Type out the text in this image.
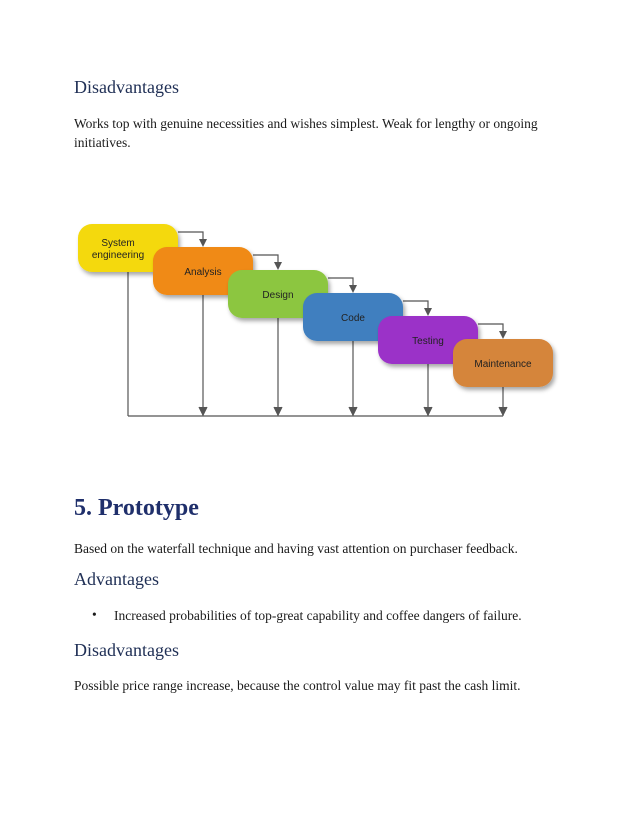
Disadvantages

Works top with genuine necessities and wishes simplest. Weak for lengthy or ongoing initiatives.

System
engineering
Analysis
Design
Code
Testing
Maintenance
5. Prototype

Based on the waterfall technique and having vast attention on purchaser feedback.

Advantages
• Increased probabilities of top-great capability and coffee dangers of failure.
Disadvantages

Possible price range increase, because the control value may fit past the cash limit.
